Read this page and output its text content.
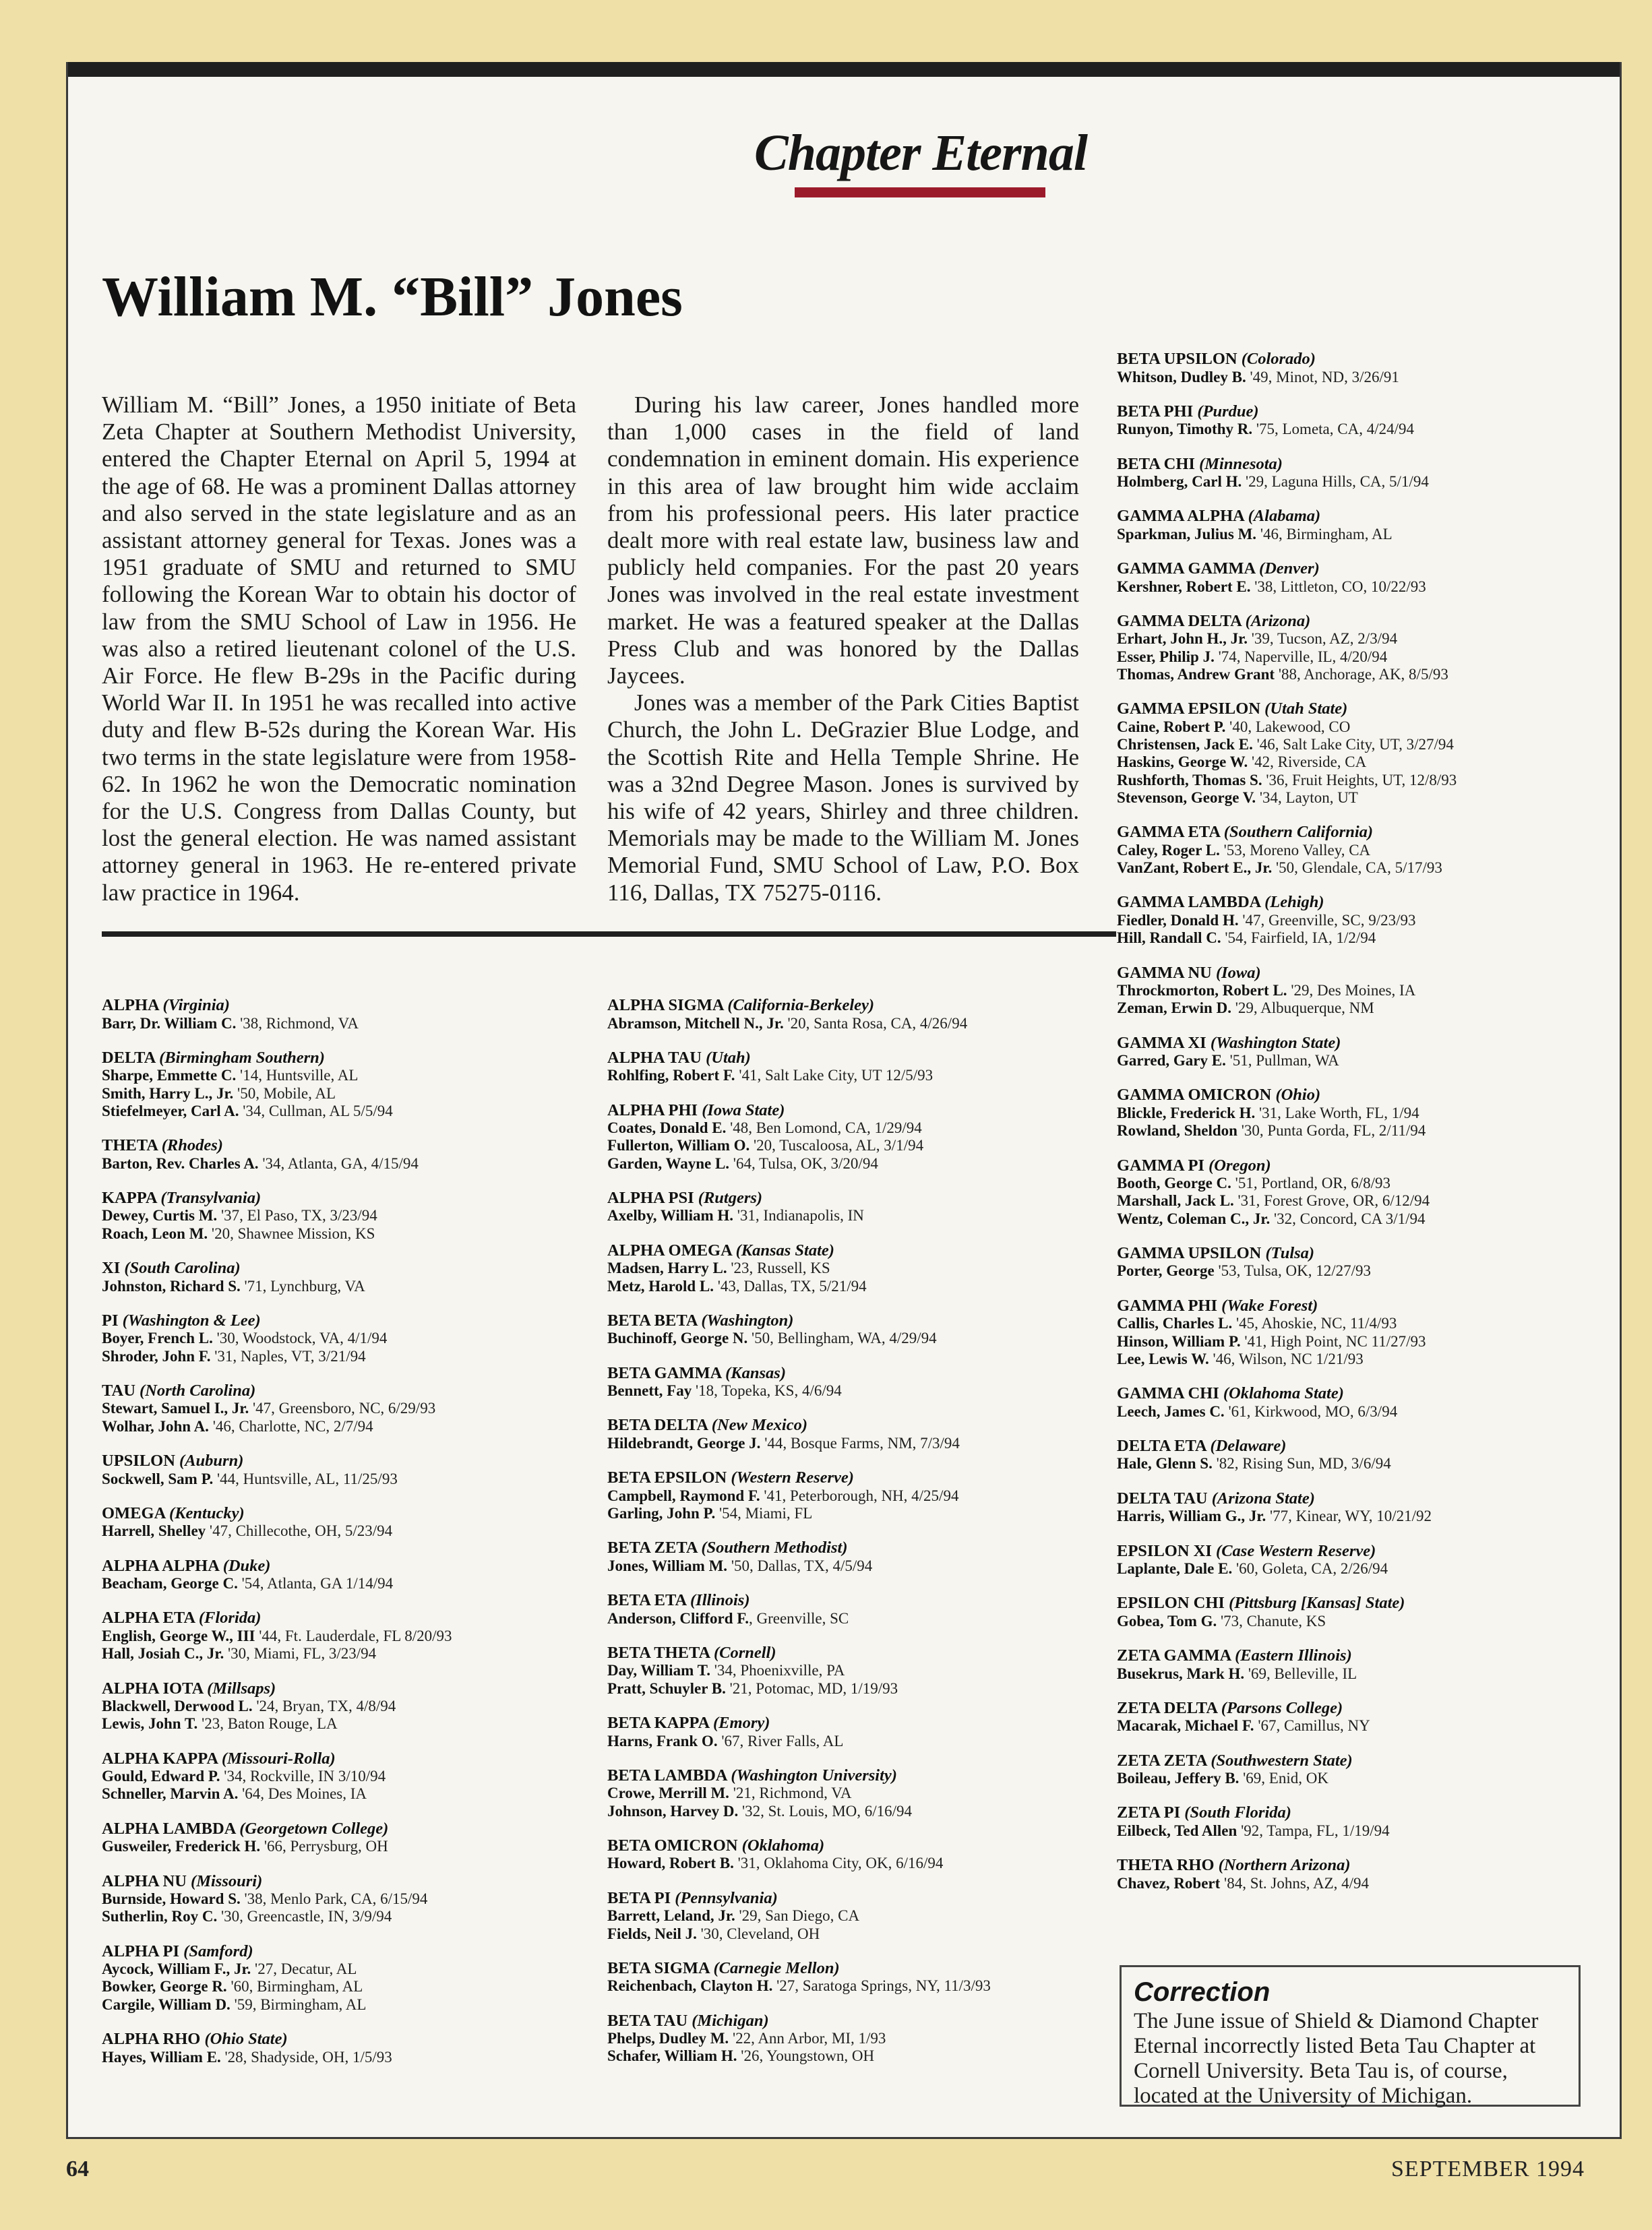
Chapter Eternal
William M. “Bill” Jones

William M. “Bill” Jones, a 1950 initiate of Beta Zeta Chapter at Southern Methodist University, entered the Chapter Eternal on April 5, 1994 at the age of 68. He was a prominent Dallas attorney and also served in the state legislature and as an assistant attorney general for Texas. Jones was a 1951 graduate of SMU and returned to SMU following the Korean War to obtain his doctor of law from the SMU School of Law in 1956. He was also a retired lieutenant colonel of the U.S. Air Force. He flew B-29s in the Pacific during World War II. In 1951 he was recalled into active duty and flew B-52s during the Korean War. His two terms in the state legislature were from 1958-62. In 1962 he won the Democratic nomination for the U.S. Congress from Dallas County, but lost the general election. He was named assistant attorney general in 1963. He re-entered private law practice in 1964.

During his law career, Jones handled more than 1,000 cases in the field of land condemnation in eminent domain. His experience in this area of law brought him wide acclaim from his professional peers. His later practice dealt more with real estate law, business law and publicly held companies. For the past 20 years Jones was involved in the real estate investment market. He was a featured speaker at the Dallas Press Club and was honored by the Dallas Jaycees.

Jones was a member of the Park Cities Baptist Church, the John L. DeGrazier Blue Lodge, and the Scottish Rite and Hella Temple Shrine. He was a 32nd Degree Mason. Jones is survived by his wife of 42 years, Shirley and three children. Memorials may be made to the William M. Jones Memorial Fund, SMU School of Law, P.O. Box 116, Dallas, TX 75275-0116.

ALPHA (Virginia)
Barr, Dr. William C. '38, Richmond, VA
DELTA (Birmingham Southern)
Sharpe, Emmette C. '14, Huntsville, AL
Smith, Harry L., Jr. '50, Mobile, AL
Stiefelmeyer, Carl A. '34, Cullman, AL 5/5/94
THETA (Rhodes)
Barton, Rev. Charles A. '34, Atlanta, GA, 4/15/94
KAPPA (Transylvania)
Dewey, Curtis M. '37, El Paso, TX, 3/23/94
Roach, Leon M. '20, Shawnee Mission, KS
XI (South Carolina)
Johnston, Richard S. '71, Lynchburg, VA
PI (Washington & Lee)
Boyer, French L. '30, Woodstock, VA, 4/1/94
Shroder, John F. '31, Naples, VT, 3/21/94
TAU (North Carolina)
Stewart, Samuel I., Jr. '47, Greensboro, NC, 6/29/93
Wolhar, John A. '46, Charlotte, NC, 2/7/94
UPSILON (Auburn)
Sockwell, Sam P. '44, Huntsville, AL, 11/25/93
OMEGA (Kentucky)
Harrell, Shelley '47, Chillecothe, OH, 5/23/94
ALPHA ALPHA (Duke)
Beacham, George C. '54, Atlanta, GA 1/14/94
ALPHA ETA (Florida)
English, George W., III '44, Ft. Lauderdale, FL 8/20/93
Hall, Josiah C., Jr. '30, Miami, FL, 3/23/94
ALPHA IOTA (Millsaps)
Blackwell, Derwood L. '24, Bryan, TX, 4/8/94
Lewis, John T. '23, Baton Rouge, LA
ALPHA KAPPA (Missouri-Rolla)
Gould, Edward P. '34, Rockville, IN 3/10/94
Schneller, Marvin A. '64, Des Moines, IA
ALPHA LAMBDA (Georgetown College)
Gusweiler, Frederick H. '66, Perrysburg, OH
ALPHA NU (Missouri)
Burnside, Howard S. '38, Menlo Park, CA, 6/15/94
Sutherlin, Roy C. '30, Greencastle, IN, 3/9/94
ALPHA PI (Samford)
Aycock, William F., Jr. '27, Decatur, AL
Bowker, George R. '60, Birmingham, AL
Cargile, William D. '59, Birmingham, AL
ALPHA RHO (Ohio State)
Hayes, William E. '28, Shadyside, OH, 1/5/93
ALPHA SIGMA (California-Berkeley)
Abramson, Mitchell N., Jr. '20, Santa Rosa, CA, 4/26/94
ALPHA TAU (Utah)
Rohlfing, Robert F. '41, Salt Lake City, UT 12/5/93
ALPHA PHI (Iowa State)
Coates, Donald E. '48, Ben Lomond, CA, 1/29/94
Fullerton, William O. '20, Tuscaloosa, AL, 3/1/94
Garden, Wayne L. '64, Tulsa, OK, 3/20/94
ALPHA PSI (Rutgers)
Axelby, William H. '31, Indianapolis, IN
ALPHA OMEGA (Kansas State)
Madsen, Harry L. '23, Russell, KS
Metz, Harold L. '43, Dallas, TX, 5/21/94
BETA BETA (Washington)
Buchinoff, George N. '50, Bellingham, WA, 4/29/94
BETA GAMMA (Kansas)
Bennett, Fay '18, Topeka, KS, 4/6/94
BETA DELTA (New Mexico)
Hildebrandt, George J. '44, Bosque Farms, NM, 7/3/94
BETA EPSILON (Western Reserve)
Campbell, Raymond F. '41, Peterborough, NH, 4/25/94
Garling, John P. '54, Miami, FL
BETA ZETA (Southern Methodist)
Jones, William M. '50, Dallas, TX, 4/5/94
BETA ETA (Illinois)
Anderson, Clifford F., Greenville, SC
BETA THETA (Cornell)
Day, William T. '34, Phoenixville, PA
Pratt, Schuyler B. '21, Potomac, MD, 1/19/93
BETA KAPPA (Emory)
Harns, Frank O. '67, River Falls, AL
BETA LAMBDA (Washington University)
Crowe, Merrill M. '21, Richmond, VA
Johnson, Harvey D. '32, St. Louis, MO, 6/16/94
BETA OMICRON (Oklahoma)
Howard, Robert B. '31, Oklahoma City, OK, 6/16/94
BETA PI (Pennsylvania)
Barrett, Leland, Jr. '29, San Diego, CA
Fields, Neil J. '30, Cleveland, OH
BETA SIGMA (Carnegie Mellon)
Reichenbach, Clayton H. '27, Saratoga Springs, NY, 11/3/93
BETA TAU (Michigan)
Phelps, Dudley M. '22, Ann Arbor, MI, 1/93
Schafer, William H. '26, Youngstown, OH
BETA UPSILON (Colorado)
Whitson, Dudley B. '49, Minot, ND, 3/26/91
BETA PHI (Purdue)
Runyon, Timothy R. '75, Lometa, CA, 4/24/94
BETA CHI (Minnesota)
Holmberg, Carl H. '29, Laguna Hills, CA, 5/1/94
GAMMA ALPHA (Alabama)
Sparkman, Julius M. '46, Birmingham, AL
GAMMA GAMMA (Denver)
Kershner, Robert E. '38, Littleton, CO, 10/22/93
GAMMA DELTA (Arizona)
Erhart, John H., Jr. '39, Tucson, AZ, 2/3/94
Esser, Philip J. '74, Naperville, IL, 4/20/94
Thomas, Andrew Grant '88, Anchorage, AK, 8/5/93
GAMMA EPSILON (Utah State)
Caine, Robert P. '40, Lakewood, CO
Christensen, Jack E. '46, Salt Lake City, UT, 3/27/94
Haskins, George W. '42, Riverside, CA
Rushforth, Thomas S. '36, Fruit Heights, UT, 12/8/93
Stevenson, George V. '34, Layton, UT
GAMMA ETA (Southern California)
Caley, Roger L. '53, Moreno Valley, CA
VanZant, Robert E., Jr. '50, Glendale, CA, 5/17/93
GAMMA LAMBDA (Lehigh)
Fiedler, Donald H. '47, Greenville, SC, 9/23/93
Hill, Randall C. '54, Fairfield, IA, 1/2/94
GAMMA NU (Iowa)
Throckmorton, Robert L. '29, Des Moines, IA
Zeman, Erwin D. '29, Albuquerque, NM
GAMMA XI (Washington State)
Garred, Gary E. '51, Pullman, WA
GAMMA OMICRON (Ohio)
Blickle, Frederick H. '31, Lake Worth, FL, 1/94
Rowland, Sheldon '30, Punta Gorda, FL, 2/11/94
GAMMA PI (Oregon)
Booth, George C. '51, Portland, OR, 6/8/93
Marshall, Jack L. '31, Forest Grove, OR, 6/12/94
Wentz, Coleman C., Jr. '32, Concord, CA 3/1/94
GAMMA UPSILON (Tulsa)
Porter, George '53, Tulsa, OK, 12/27/93
GAMMA PHI (Wake Forest)
Callis, Charles L. '45, Ahoskie, NC, 11/4/93
Hinson, William P. '41, High Point, NC 11/27/93
Lee, Lewis W. '46, Wilson, NC 1/21/93
GAMMA CHI (Oklahoma State)
Leech, James C. '61, Kirkwood, MO, 6/3/94
DELTA ETA (Delaware)
Hale, Glenn S. '82, Rising Sun, MD, 3/6/94
DELTA TAU (Arizona State)
Harris, William G., Jr. '77, Kinear, WY, 10/21/92
EPSILON XI (Case Western Reserve)
Laplante, Dale E. '60, Goleta, CA, 2/26/94
EPSILON CHI (Pittsburg [Kansas] State)
Gobea, Tom G. '73, Chanute, KS
ZETA GAMMA (Eastern Illinois)
Busekrus, Mark H. '69, Belleville, IL
ZETA DELTA (Parsons College)
Macarak, Michael F. '67, Camillus, NY
ZETA ZETA (Southwestern State)
Boileau, Jeffery B. '69, Enid, OK
ZETA PI (South Florida)
Eilbeck, Ted Allen '92, Tampa, FL, 1/19/94
THETA RHO (Northern Arizona)
Chavez, Robert '84, St. Johns, AZ, 4/94
Correction
The June issue of Shield & Diamond Chapter Eternal incorrectly listed Beta Tau Chapter at Cornell University. Beta Tau is, of course, located at the University of Michigan.
64	SEPTEMBER 1994
